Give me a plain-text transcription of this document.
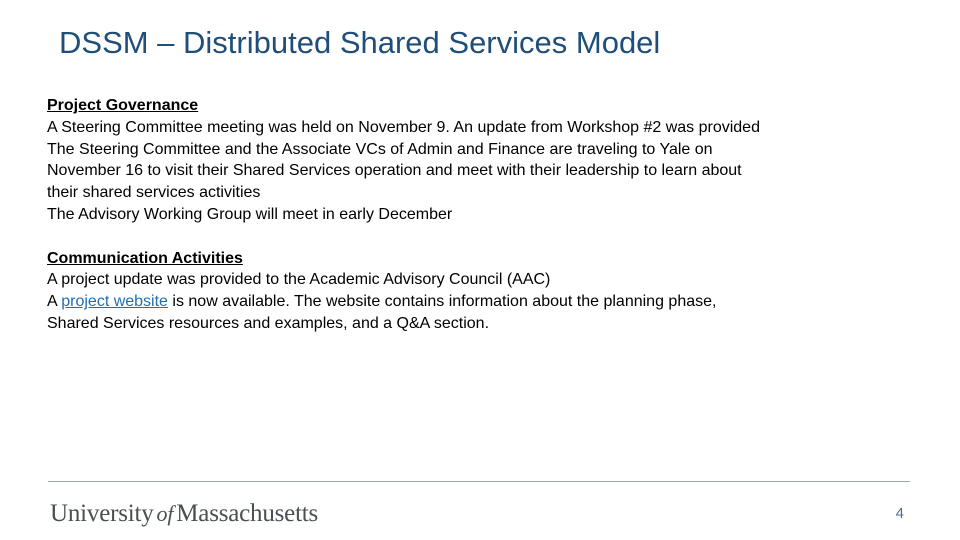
DSSM – Distributed Shared Services Model
Project Governance
A Steering Committee meeting was held on November 9. An update from Workshop #2 was provided
The Steering Committee and the Associate VCs of Admin and Finance are traveling to Yale on
November 16 to visit their Shared Services operation and meet with their leadership to learn about
their shared services activities
The Advisory Working Group will meet in early December
Communication Activities
A project update was provided to the Academic Advisory Council (AAC)
A project website is now available. The website contains information about the planning phase,
Shared Services resources and examples, and a Q&A section.
University of Massachusetts	4
